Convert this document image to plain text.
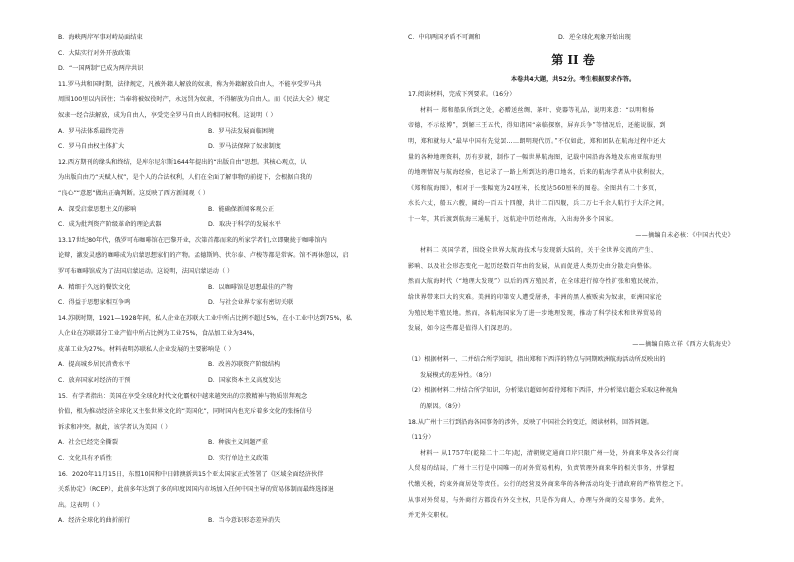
B．海峡两岸军事对峙局面结束
C．大陆实行对外开放政策
D．“一国两制”已成为两岸共识
11.罗马共和国时期，法律规定，凡被外籍人解放的奴隶，称为外籍解放自由人，不能享受罗马共
周围100里以内居住；当奉将被奴役时产，永远罚为奴隶，不得解放为自由人。而《民法大全》规定
奴隶一经合法解放，成为自由人，享受完全罗马自由人的相同权利。这说明（ ）
A．罗马法体系最终完善	B．罗马法发展面临困境
C．罗马自由权主体扩大	D．罗马法保障了奴隶制度
12.西方期刊的缘头和终结，是库尔尼尔斯1644年提出的“出版自由”思想。其核心观点，认
为出版自由乃“天赋人权”，是个人的合法权利，人们在全面了解事物的前提下，会根据自我的
“良心”“意愿”做出正确判断。这反映了西方新闻观（ ）
A．深受启蒙思想主义的影响	B．能确保新闻客观公正
C．成为批判资产阶级革命的理论武器	D．取决于科学的发展水平
13.17世纪80年代，俄罗可布咖啡馆在巴黎开业，次第首都而来的所家学者们,立即聚拢于咖啡馆内
论辩，激发灵感的咖啡成为启蒙思想家们的产物。孟德斯鸠、伏尔泰、卢梭等都是常客。馆不再休憩以，启
罗可布咖啡馆成为了法国启蒙运动。这说明，法国启蒙运动（ ）
A．精细于久远的餐饮文化	B．以咖啡馆是思想最佳的产物
C．得益于思想家相互争鸣	D．与社会业界专家有密切关联
14.苏联时期，1921—1928年间，私人企业在苏联大工业中所占比例不超过5%，在小工业中达到75%，私
人企业在苏联部分工业产值中所占比例为工业75%，食品加工业为34%，
皮革工业为27%。材料表明苏联私人企业发展的主要影响是（ ）
A．提高城乡居民消费水平	B．改善苏联资产阶级结构
C．放弃国家对经济的干预	D．国家资本主义高度发达
15．有学者指出：美国在享受全球化时代文化霸权中越来越突出的宗教精神与物质崇拜观念
价值，根为推动经济全球化又主张世界文化的“美国化”，同时国内也充斥着多文化的张扬信号
诉求和冲突。据此，该学者认为美国（ ）
A．社会已经完全撕裂	B．种族主义问题严重
C．文化具有矛盾性	D．实行单边主义政策
16．2020年11月15日，东盟10国和中日韩澳新共15个亚太国家正式签署了《区域全面经济伙伴
关系协定》（RCEP），此前多年达到了多的印度因国内市场加入任何中国主导的贸易体制而最终选择退
出。这表明（ ）
A．经济全球化的曲折前行	B．当今意识形态差异消失
C．中印两国矛盾不可调和	D．逆全球化观象开始出现
第 II 卷
本卷共4大题，共52分。考生根据要求作答。
17.阅读材料，完成下列要求。（16分）
材料一 郑和船队所到之处，必赠送丝绸、茶叶、瓷器等礼品，说明来意：“以明和扬
帝德，不示炫博”，到解三王五代，得知诸国“亲临探察，屏弃兵争”等情况后，还能说服，到
明，郑和就每人“最早中国有先觉罢……朗明现代历。”不仅如此，郑和团队在航海过程中还大
量的各种地理资料，历有岁就，制作了一幅世界航海图，记载中国沿海各地及东南亚航海里
的地理情况与航海经验，也记录了一路上所到达的港口地名，后来的航海学者从中获利很大，
《郑和航海图》，相对于一张幅宽为24厘米，长度达560厘米的图卷。全图共有二十多页，
水长六丈，船五六艘，阔约一百五十四艘，共计二百四舰，兵二万七千余人航行于大洋之间，
十一年，其后渡到航海三通航于，远航途中历经南海，入出海外多个国家。
——摘编自未必核：《中国古代史》
材料二 英国学者，围绕全世界大航海技术与发现新大陆的，关于全世界交流的产生、
影响、以及社会形态变化一起历经数百年由的发展，从而促进人类历史由分散走向整体。
然而大航海时代（“地理大发现”）以后的西方殖民者，在全球进行掠夺性扩张和殖民统治，
给世界带来巨大的灾难。美洲的印第安人遭受屠杀，非洲的黑人被贩卖为奴隶，亚洲国家沦
为殖民地半殖民地。然而，各航海国家为了进一步地理发现，推动了科学技术和世界贸易的
发展，如今这些都是值得人们深思的。
——摘编自陈立祥《西方大航海史》
（1）根据材料一、二并结合所学知识，指出郑和下西洋的特点与同期欧洲航海活动所反映出的
发展模式的差异性。（8分）
（2）根据材料二并结合所学知识，分析梁启超如何看待郑和下西洋，并分析梁启超会采取这种视角
的原因。（8分）
18.从广州十三行到沿海各国事务的涉外，反映了中国社会的变迁，阅读材料，回答问题。
（11分）
材料一 从1757年(乾隆二十二年)起，清朝规定通商口岸只限广州一处，外商来华及各公行商
人贸易的结局，广州十三行是中国唯一的对外贸易机构，负责管理外商来华的相关事务，并掌握
代缴关税，约束外商居处等责任。公行的经营及外商来华的各种活动均处于清政府的严格管控之下。
从事对外贸易，与外商行方都没有外交主权，只是作为商人，办理与外商的交易事务。此外，
并无外交职权。
